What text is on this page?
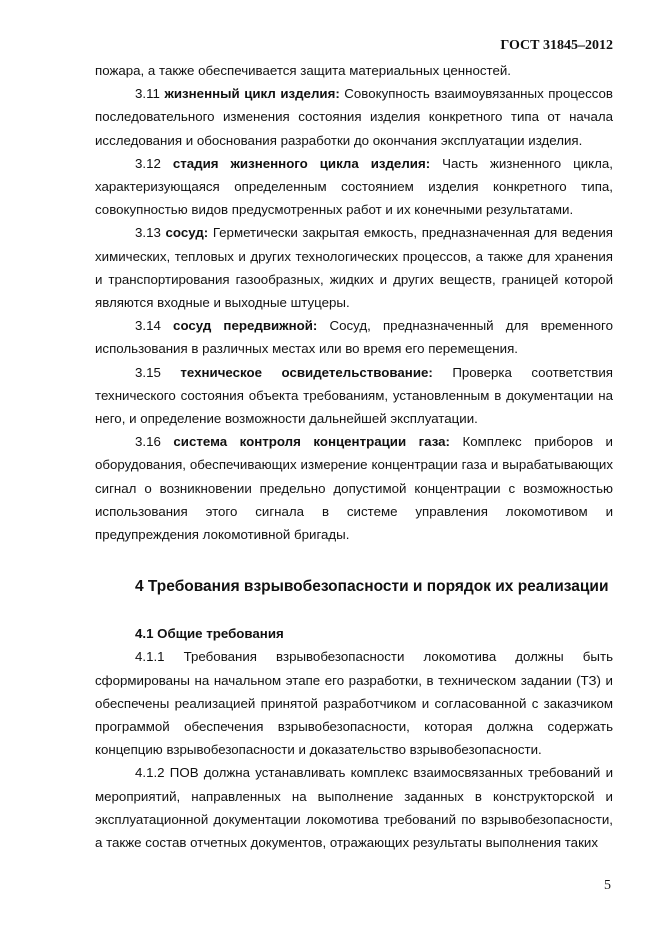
ГОСТ 31845–2012

пожара, а также обеспечивается защита материальных ценностей.

3.11 жизненный цикл изделия: Совокупность взаимоувязанных процессов последовательного изменения состояния изделия конкретного типа от начала исследования и обоснования разработки до окончания эксплуатации изделия.

3.12 стадия жизненного цикла изделия: Часть жизненного цикла, характеризующаяся определенным состоянием изделия конкретного типа, совокупностью видов предусмотренных работ и их конечными результатами.

3.13 сосуд: Герметически закрытая емкость, предназначенная для ведения химических, тепловых и других технологических процессов, а также для хранения и транспортирования газообразных, жидких и других веществ, границей которой являются входные и выходные штуцеры.

3.14 сосуд передвижной: Сосуд, предназначенный для временного использования в различных местах или во время его перемещения.

3.15 техническое освидетельствование: Проверка соответствия технического состояния объекта требованиям, установленным в документации на него, и определение возможности дальнейшей эксплуатации.

3.16 система контроля концентрации газа: Комплекс приборов и оборудования, обеспечивающих измерение концентрации газа и вырабатывающих сигнал о возникновении предельно допустимой концентрации с возможностью использования этого сигнала в системе управления локомотивом и предупреждения локомотивной бригады.

4 Требования взрывобезопасности и порядок их реализации
4.1 Общие требования

4.1.1 Требования взрывобезопасности локомотива должны быть сформированы на начальном этапе его разработки, в техническом задании (ТЗ) и обеспечены реализацией принятой разработчиком и согласованной с заказчиком программой обеспечения взрывобезопасности, которая должна содержать концепцию взрывобезопасности и доказательство взрывобезопасности.

4.1.2 ПОВ должна устанавливать комплекс взаимосвязанных требований и мероприятий, направленных на выполнение заданных в конструкторской и эксплуатационной документации локомотива требований по взрывобезопасности, а также состав отчетных документов, отражающих результаты выполнения таких

5
